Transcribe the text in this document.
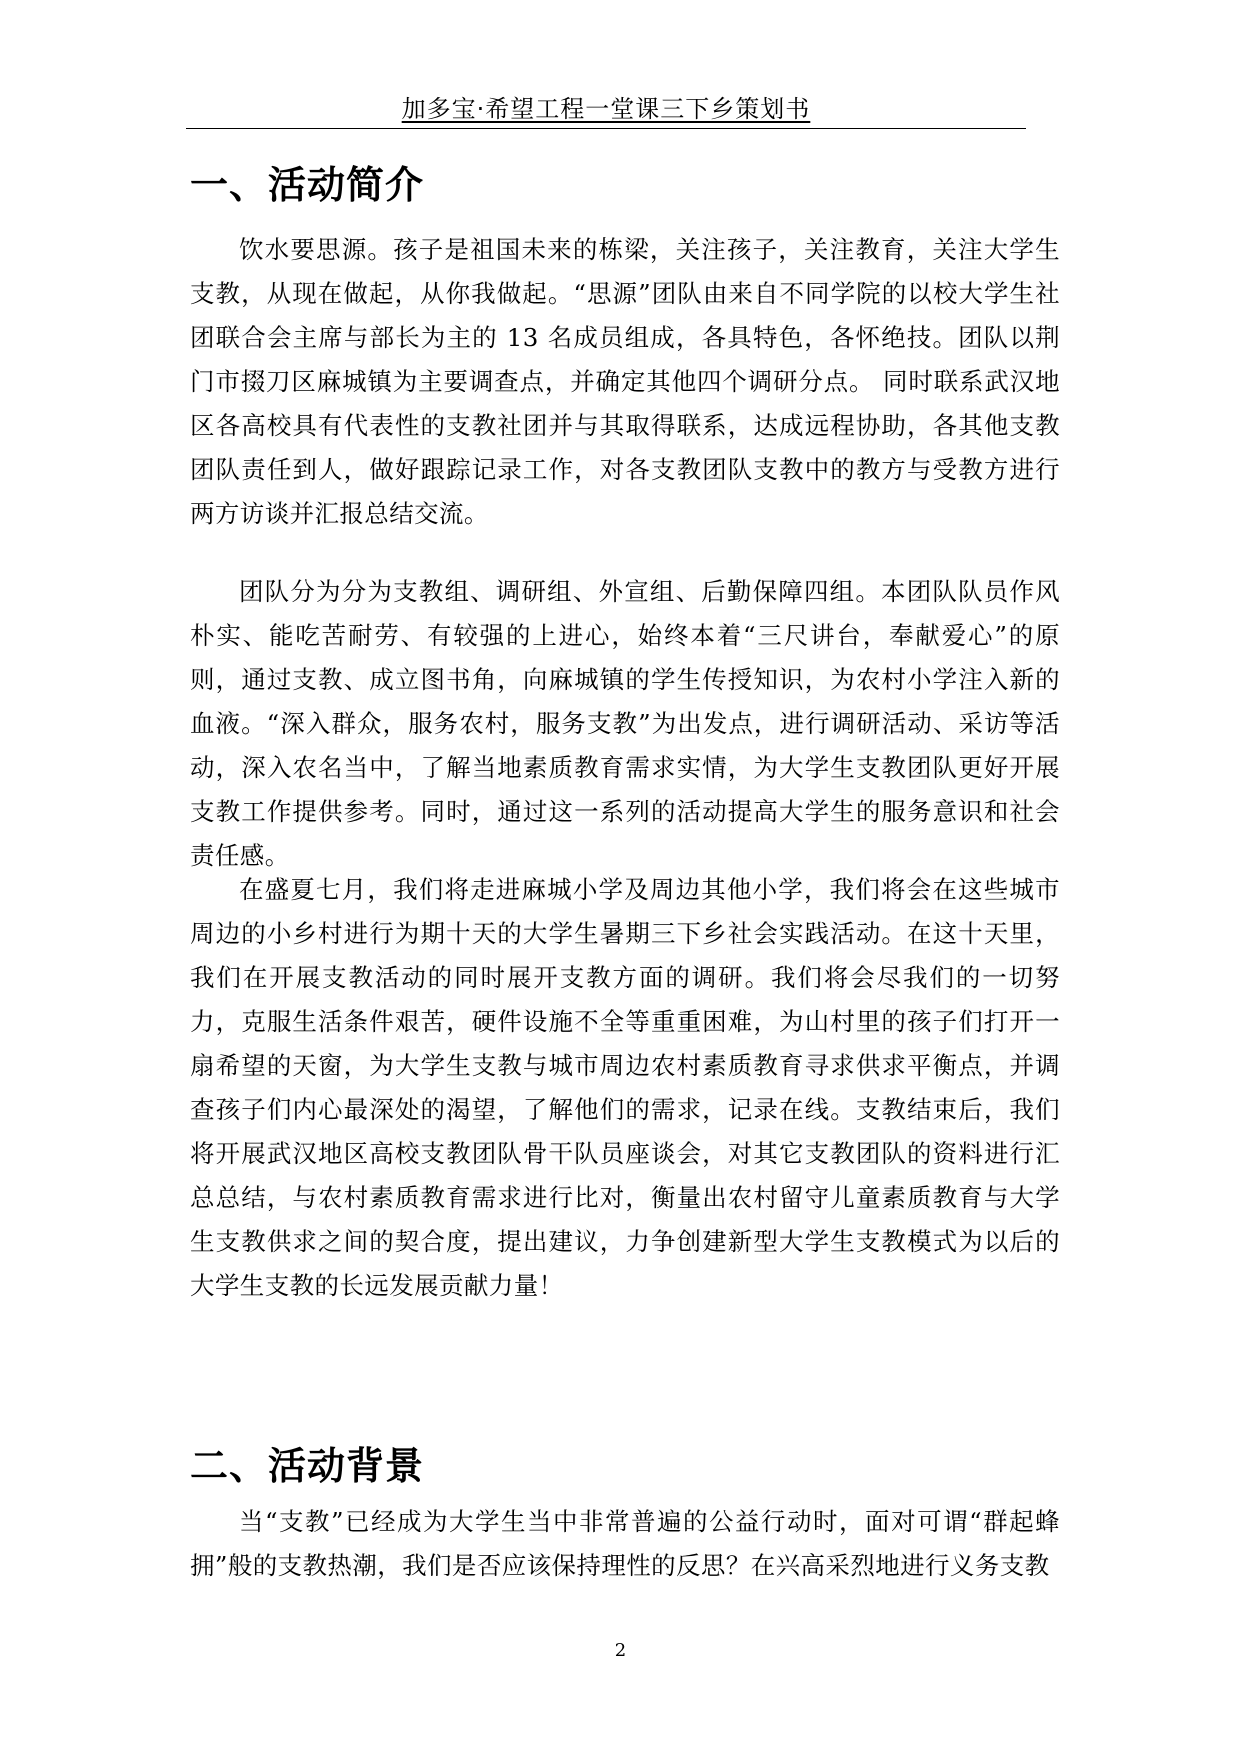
加多宝·希望工程一堂课三下乡策划书
一、活动简介

饮水要思源。孩子是祖国未来的栋梁，关注孩子，关注教育，关注大学生支教，从现在做起，从你我做起。“思源”团队由来自不同学院的以校大学生社团联合会主席与部长为主的 13 名成员组成，各具特色，各怀绝技。团队以荆门市掇刀区麻城镇为主要调查点，并确定其他四个调研分点。 同时联系武汉地区各高校具有代表性的支教社团并与其取得联系，达成远程协助，各其他支教团队责任到人，做好跟踪记录工作，对各支教团队支教中的教方与受教方进行两方访谈并汇报总结交流。

团队分为分为支教组、调研组、外宣组、后勤保障四组。本团队队员作风朴实、能吃苦耐劳、有较强的上进心，始终本着“三尺讲台，奉献爱心”的原则，通过支教、成立图书角，向麻城镇的学生传授知识，为农村小学注入新的血液。“深入群众，服务农村，服务支教”为出发点，进行调研活动、采访等活动，深入农名当中，了解当地素质教育需求实情，为大学生支教团队更好开展支教工作提供参考。同时，通过这一系列的活动提高大学生的服务意识和社会责任感。

在盛夏七月，我们将走进麻城小学及周边其他小学，我们将会在这些城市周边的小乡村进行为期十天的大学生暑期三下乡社会实践活动。在这十天里，我们在开展支教活动的同时展开支教方面的调研。我们将会尽我们的一切努力，克服生活条件艰苦，硬件设施不全等重重困难，为山村里的孩子们打开一扇希望的天窗，为大学生支教与城市周边农村素质教育寻求供求平衡点，并调查孩子们内心最深处的渴望，了解他们的需求，记录在线。支教结束后，我们将开展武汉地区高校支教团队骨干队员座谈会，对其它支教团队的资料进行汇总总结，与农村素质教育需求进行比对，衡量出农村留守儿童素质教育与大学生支教供求之间的契合度，提出建议，力争创建新型大学生支教模式为以后的大学生支教的长远发展贡献力量！

二、活动背景

当“支教”已经成为大学生当中非常普遍的公益行动时，面对可谓“群起蜂拥”般的支教热潮，我们是否应该保持理性的反思？在兴高采烈地进行义务支教

2
